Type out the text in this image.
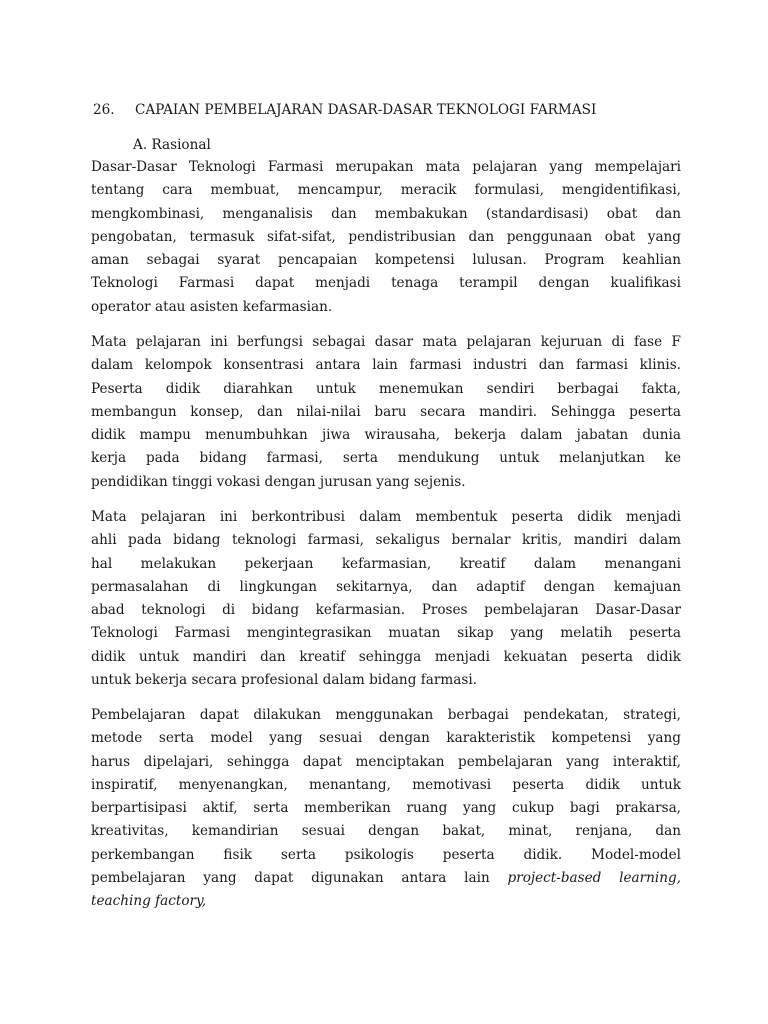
26. CAPAIAN PEMBELAJARAN DASAR-DASAR TEKNOLOGI FARMASI
A. Rasional
Dasar-Dasar Teknologi Farmasi merupakan mata pelajaran yang mempelajari
tentang cara membuat, mencampur, meracik formulasi, mengidentifikasi,
mengkombinasi, menganalisis dan membakukan (standardisasi) obat dan
pengobatan, termasuk sifat-sifat, pendistribusian dan penggunaan obat yang
aman sebagai syarat pencapaian kompetensi lulusan. Program keahlian
Teknologi Farmasi dapat menjadi tenaga terampil dengan kualifikasi
operator atau asisten kefarmasian.
Mata pelajaran ini berfungsi sebagai dasar mata pelajaran kejuruan di fase F
dalam kelompok konsentrasi antara lain farmasi industri dan farmasi klinis.
Peserta didik diarahkan untuk menemukan sendiri berbagai fakta,
membangun konsep, dan nilai-nilai baru secara mandiri. Sehingga peserta
didik mampu menumbuhkan jiwa wirausaha, bekerja dalam jabatan dunia
kerja pada bidang farmasi, serta mendukung untuk melanjutkan ke
pendidikan tinggi vokasi dengan jurusan yang sejenis.
Mata pelajaran ini berkontribusi dalam membentuk peserta didik menjadi
ahli pada bidang teknologi farmasi, sekaligus bernalar kritis, mandiri dalam
hal melakukan pekerjaan kefarmasian, kreatif dalam menangani
permasalahan di lingkungan sekitarnya, dan adaptif dengan kemajuan
abad teknologi di bidang kefarmasian. Proses pembelajaran Dasar-Dasar
Teknologi Farmasi mengintegrasikan muatan sikap yang melatih peserta
didik untuk mandiri dan kreatif sehingga menjadi kekuatan peserta didik
untuk bekerja secara profesional dalam bidang farmasi.
Pembelajaran dapat dilakukan menggunakan berbagai pendekatan, strategi,
metode serta model yang sesuai dengan karakteristik kompetensi yang
harus dipelajari, sehingga dapat menciptakan pembelajaran yang interaktif,
inspiratif, menyenangkan, menantang, memotivasi peserta didik untuk
berpartisipasi aktif, serta memberikan ruang yang cukup bagi prakarsa,
kreativitas, kemandirian sesuai dengan bakat, minat, renjana, dan
perkembangan fisik serta psikologis peserta didik. Model-model
pembelajaran yang dapat digunakan antara lain project-based learning,
teaching factory,
